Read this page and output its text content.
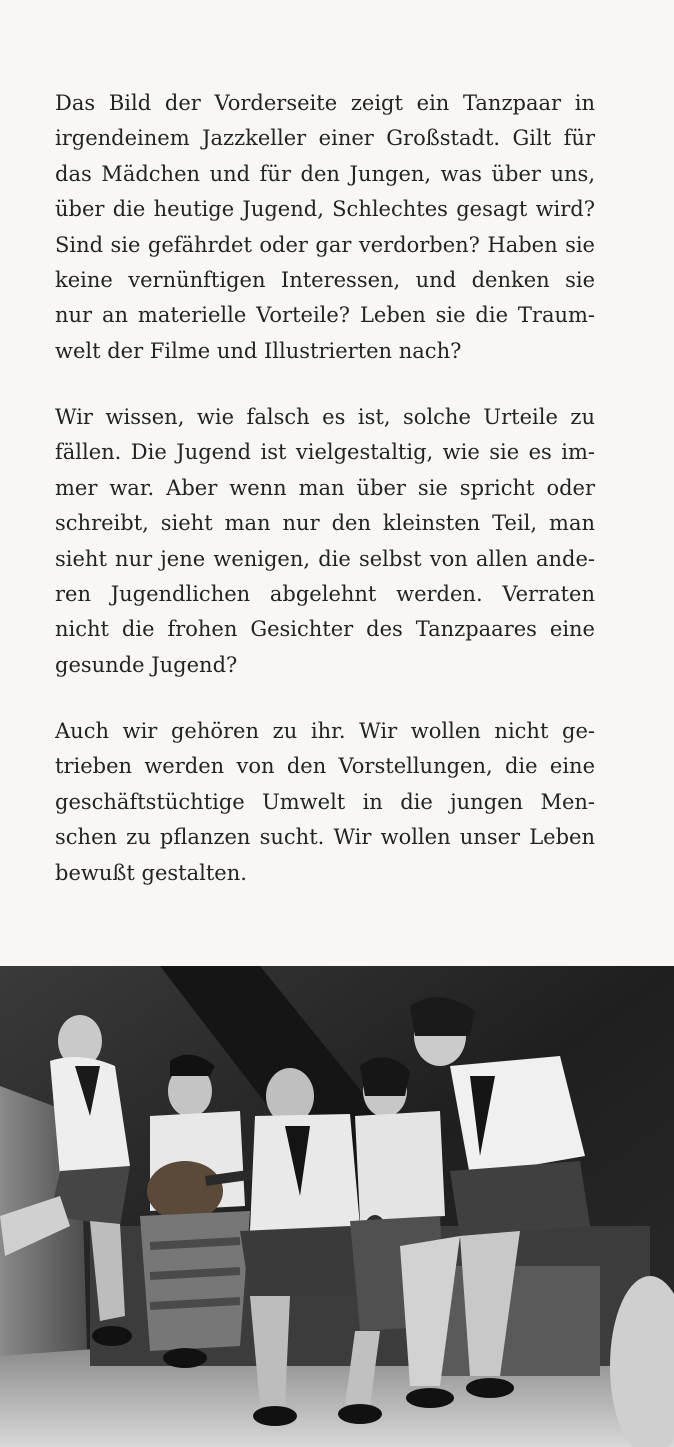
Das Bild der Vorderseite zeigt ein Tanzpaar in
irgendeinem Jazzkeller einer Großstadt. Gilt für
das Mädchen und für den Jungen, was über uns,
über die heutige Jugend, Schlechtes gesagt wird?
Sind sie gefährdet oder gar verdorben? Haben sie
keine vernünftigen Interessen, und denken sie
nur an materielle Vorteile? Leben sie die Traum-
welt der Filme und Illustrierten nach?
Wir wissen, wie falsch es ist, solche Urteile zu
fällen. Die Jugend ist vielgestaltig, wie sie es im-
mer war. Aber wenn man über sie spricht oder
schreibt, sieht man nur den kleinsten Teil, man
sieht nur jene wenigen, die selbst von allen ande-
ren Jugendlichen abgelehnt werden. Verraten
nicht die frohen Gesichter des Tanzpaares eine
gesunde Jugend?
Auch wir gehören zu ihr. Wir wollen nicht ge-
trieben werden von den Vorstellungen, die eine
geschäftstüchtige Umwelt in die jungen Men-
schen zu pflanzen sucht. Wir wollen unser Leben
bewußt gestalten.
